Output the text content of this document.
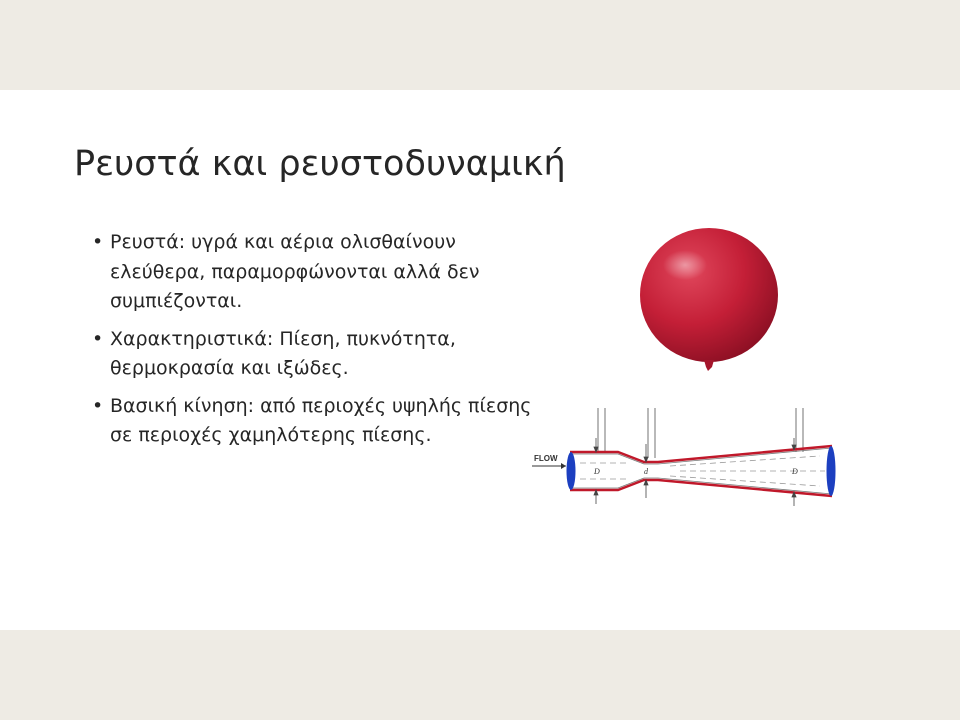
Ρευστά και ρευστοδυναμική
• Ρευστά: υγρά και αέρια ολισθαίνουν ελεύθερα, παραμορφώνονται αλλά δεν συμπιέζονται.
• Χαρακτηριστικά: Πίεση, πυκνότητα, θερμοκρασία και ιξώδες.
• Βασική κίνηση: από περιοχές υψηλής πίεσης σε περιοχές χαμηλότερης πίεσης.
FLOW
D	d	D
